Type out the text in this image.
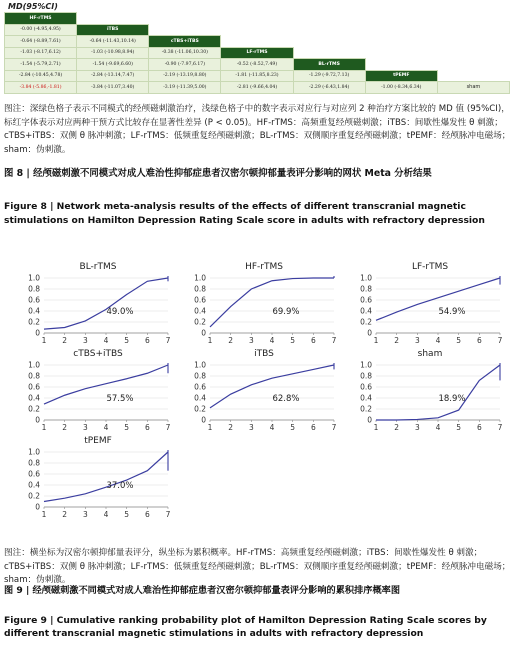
MD(95%CI)
HF-rTMS						
-0.00 (-4.95,4.95)	iTBS					
-0.64 (-8.89,7.61)	-0.64 (-11.43,10.14)	cTBS+iTBS				
-1.03 (-8.17,6.12)	-1.03 (-10.98,8.94)	-0.38 (-11.06,10.30)	LF-rTMS			
-1.54 (-5.79,2.71)	-1.54 (-9.69,6.60)	-0.90 (-7.97,6.17)	-0.52 (-8.52,7.49)	BL-rTMS		
-2.84 (-10.45,4.78)	-2.84 (-13.14,7.47)	-2.19 (-13.19,8.80)	-1.81 (-11.85,8.23)	-1.29 (-9.72,7.13)	tPEMF	
-3.84 (-5.86,-1.81)	-3.84 (-11.07,3.40)	-3.19 (-11.39,5.00)	-2.81 (-9.66,4.04)	-2.29 (-6.43,1.84)	-1.00 (-8.34,6.34)	sham
图注：深绿色格子表示不同模式的经颅磁刺激治疗，浅绿色格子中的数字表示对应行与对应列 2 种治疗方案比较的 MD 值 (95%CI)，标红字体表示对应两种干预方式比较存在显著性差异 (P < 0.05)。HF-rTMS：高频重复经颅磁刺激；iTBS：间歇性爆发性 θ 刺激；cTBS+iTBS：双侧 θ 脉冲刺激；LF-rTMS：低频重复经颅磁刺激；BL-rTMS：双侧顺序重复经颅磁刺激；tPEMF：经颅脉冲电磁场；sham：伪刺激。
图 8 | 经颅磁刺激不同模式对成人难治性抑郁症患者汉密尔顿抑郁量表评分影响的网状 Meta 分析结果
Figure 8 | Network meta-analysis results of the effects of different transcranial magnetic stimulations on Hamilton Depression Rating Scale score in adults with refractory depression
BL-rTMS
0
0.2
0.4
0.6
0.8
1.0
1 2 3 4 5 6 7
49.0%
HF-rTMS
0
0.2
0.4
0.6
0.8
1.0
1 2 3 4 5 6 7
69.9%
LF-rTMS
0
0.2
0.4
0.6
0.8
1.0
1 2 3 4 5 6 7
54.9%
cTBS+iTBS
0
0.2
0.4
0.6
0.8
1.0
1 2 3 4 5 6 7
57.5%
iTBS
0
0.2
0.4
0.6
0.8
1.0
1 2 3 4 5 6 7
62.8%
sham
0
0.2
0.4
0.6
0.8
1.0
1 2 3 4 5 6 7
18.9%
tPEMF
0
0.2
0.4
0.6
0.8
1.0
1 2 3 4 5 6 7
37.0%
图注：横坐标为汉密尔顿抑郁量表评分，纵坐标为累积概率。HF-rTMS：高频重复经颅磁刺激；iTBS：间歇性爆发性 θ 刺激；cTBS+iTBS：双侧 θ 脉冲刺激；LF-rTMS：低频重复经颅磁刺激；BL-rTMS：双侧顺序重复经颅磁刺激；tPEMF：经颅脉冲电磁场；sham：伪刺激。
图 9 | 经颅磁刺激不同模式对成人难治性抑郁症患者汉密尔顿抑郁量表评分影响的累积排序概率图
Figure 9 | Cumulative ranking probability plot of Hamilton Depression Rating Scale scores by different transcranial magnetic stimulations in adults with refractory depression
